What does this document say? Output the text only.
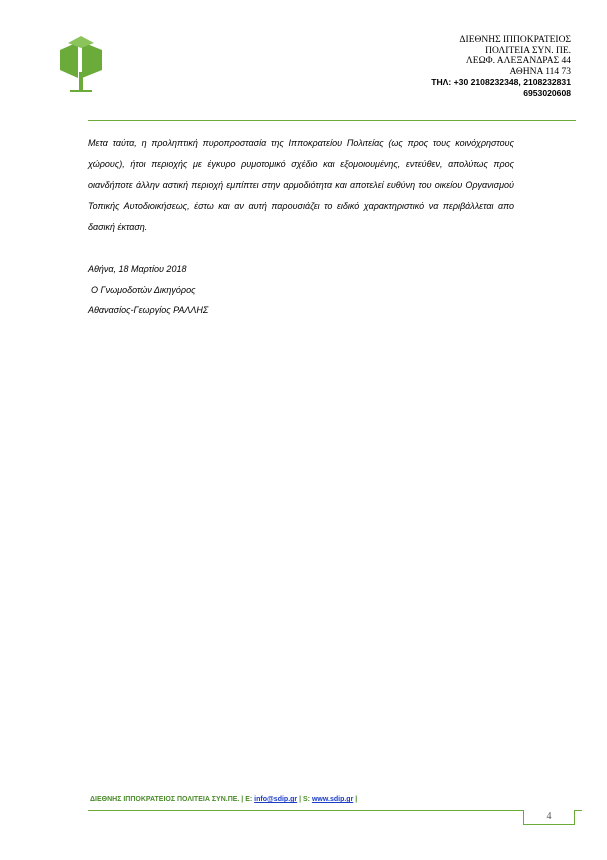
ΔΙΕΘΝΗΣ ΙΠΠΟΚΡΑΤΕΙΟΣ
ΠΟΛΙΤΕΙΑ ΣΥΝ. ΠΕ.
ΛΕΩΦ. ΑΛΕΞΑΝΔΡΑΣ 44
ΑΘΗΝΑ 114 73
ΤΗΛ: +30 2108232348, 2108232831
6953020608
Μετα ταύτα, η προληπτική πυροπροστασία της Ιπποκρατείου Πολιτείας (ως προς τους κοινόχρηστους χώρους), ήτοι περιοχής με έγκυρο ρυμοτομικό σχέδιο και εξομοιουμένης, εντεύθεν, απολύτως προς οιανδήποτε άλλην αστική περιοχή εμπίπτει στην αρμοδιότητα και αποτελεί ευθύνη του οικείου Οργανισμού Τοπικής Αυτοδιοικήσεως, έστω και αν αυτή παρουσιάζει το ειδικό χαρακτηριστικό να περιβάλλεται απο δασική έκταση.
Αθήνα, 18 Μαρτίου 2018
Ο Γνωμοδοτών Δικηγόρος
Αθανασίος-Γεωργίος ΡΑΛΛΗΣ
ΔΙΕΘΝΗΣ ΙΠΠΟΚΡΑΤΕΙΟΣ ΠΟΛΙΤΕΙΑ ΣΥΝ.ΠΕ. | E: info@sdip.gr | S: www.sdip.gr |
4
